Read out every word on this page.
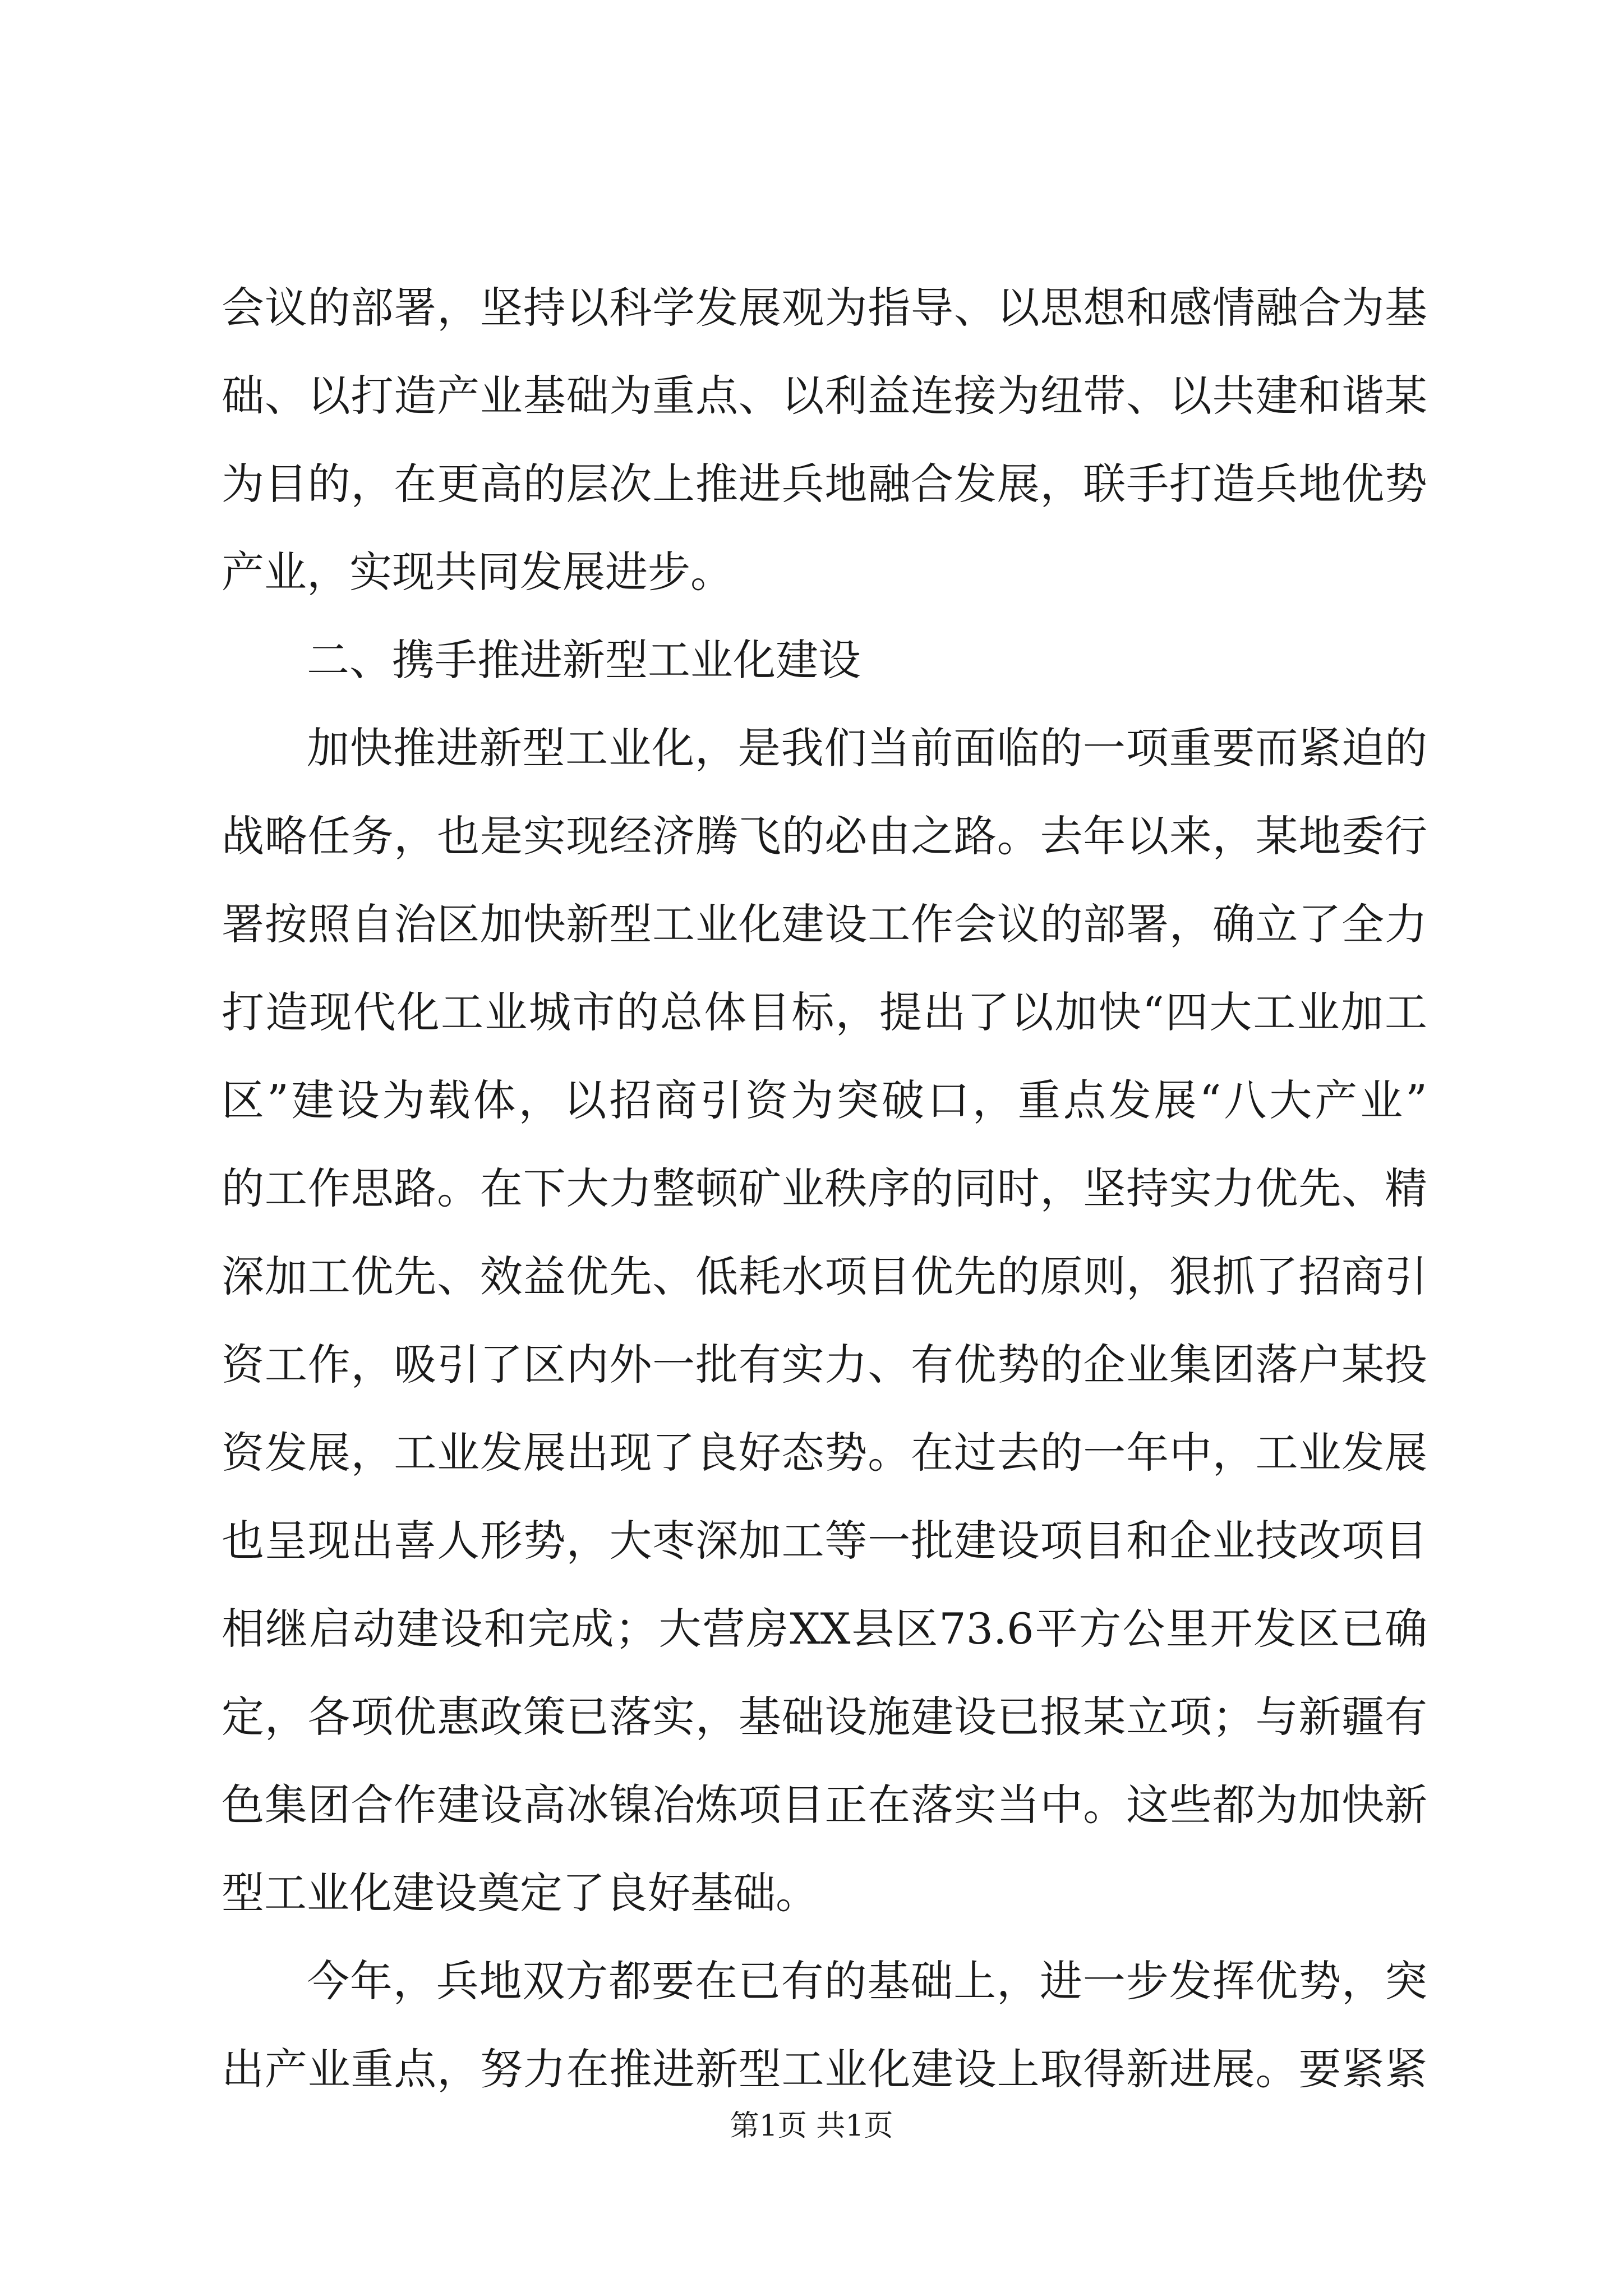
会议的部署，坚持以科学发展观为指导、以思想和感情融合为基
础、以打造产业基础为重点、以利益连接为纽带、以共建和谐某
为目的，在更高的层次上推进兵地融合发展，联手打造兵地优势
产业，实现共同发展进步。
二、携手推进新型工业化建设
加快推进新型工业化，是我们当前面临的一项重要而紧迫的
战略任务，也是实现经济腾飞的必由之路。去年以来，某地委行
署按照自治区加快新型工业化建设工作会议的部署，确立了全力
打造现代化工业城市的总体目标，提出了以加快“四大工业加工
区”建设为载体，以招商引资为突破口，重点发展“八大产业”
的工作思路。在下大力整顿矿业秩序的同时，坚持实力优先、精
深加工优先、效益优先、低耗水项目优先的原则，狠抓了招商引
资工作，吸引了区内外一批有实力、有优势的企业集团落户某投
资发展，工业发展出现了良好态势。在过去的一年中，工业发展
也呈现出喜人形势，大枣深加工等一批建设项目和企业技改项目
相继启动建设和完成；大营房XX县区73.6平方公里开发区已确
定，各项优惠政策已落实，基础设施建设已报某立项；与新疆有
色集团合作建设高冰镍冶炼项目正在落实当中。这些都为加快新
型工业化建设奠定了良好基础。
今年，兵地双方都要在已有的基础上，进一步发挥优势，突
出产业重点，努力在推进新型工业化建设上取得新进展。要紧紧
第1页 共1页
